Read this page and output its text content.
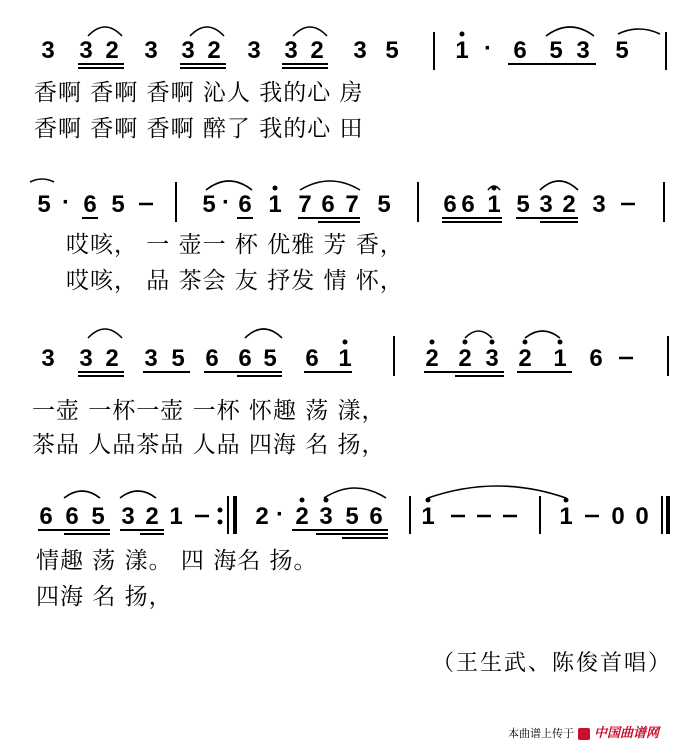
3 3 2 3 3 2 3 3 2 3 5 1 6 5 3 5
·
5 6 5	5 6 1 7 6 7 5 6 6 1 5 3 2 3
·	·
3 3 2 3 5 6 6 5 6 1	2 2 3 2 1 6
6 6 5 3 2 1	2 2 3 5 6 1	1
·	0 0
香啊 香啊 香啊 沁人 我的心 房
香啊 香啊 香啊 醉了 我的心 田
哎咳， 一 壶一 杯 优雅 芳 香，
哎咳， 品 茶会 友 抒发 情 怀，
一壶 一杯一壶 一杯 怀趣 荡 漾，
茶品 人品茶品 人品 四海 名 扬，
情趣 荡 漾。 四 海名 扬。
四海 名 扬，
（王生武、陈俊首唱）
本曲谱上传于 中国曲谱网
